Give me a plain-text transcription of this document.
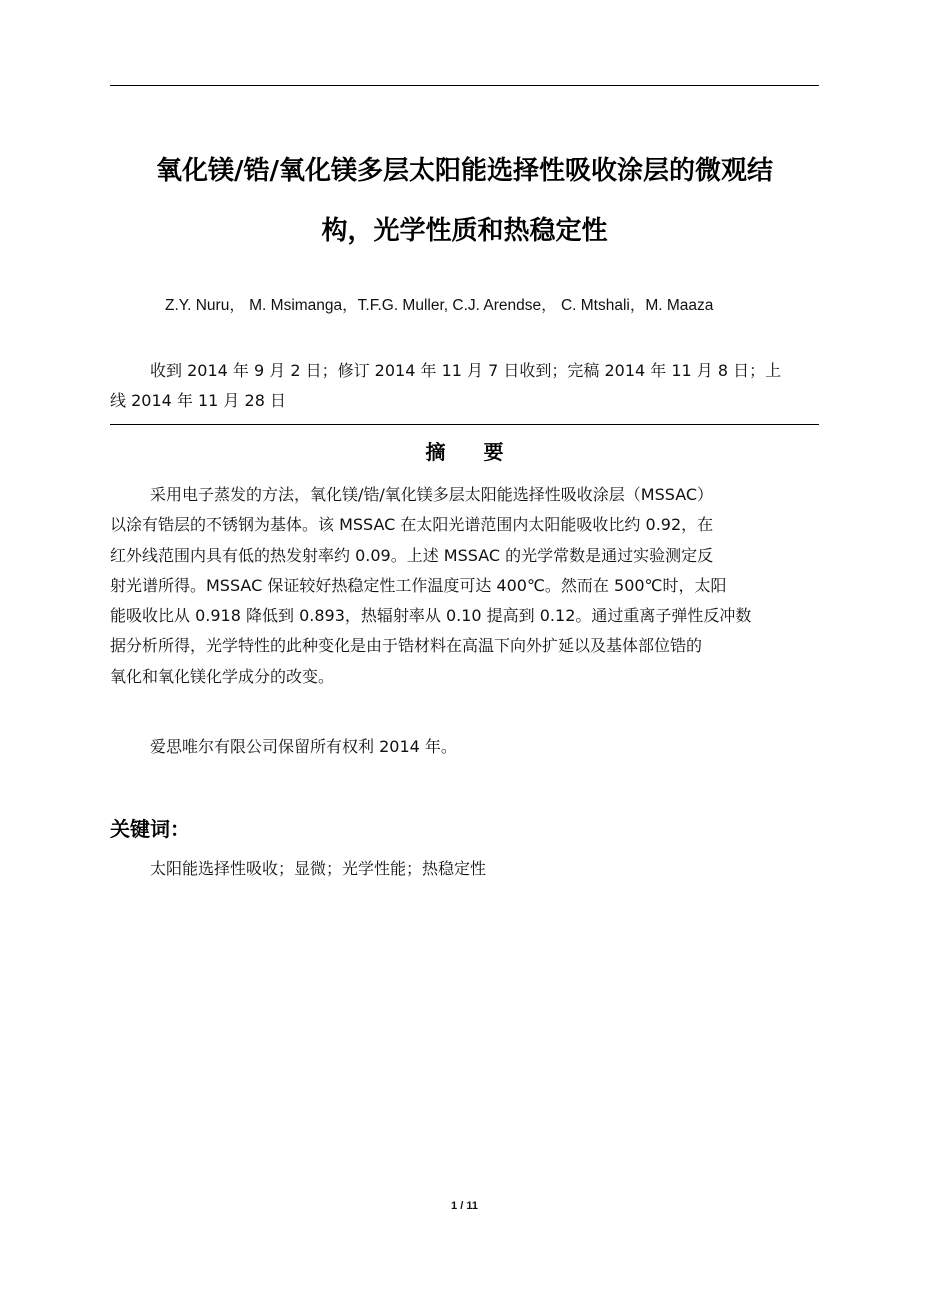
氧化镁/锆/氧化镁多层太阳能选择性吸收涂层的微观结
构，光学性质和热稳定性
Z.Y. Nuru， M. Msimanga，T.F.G. Muller, C.J. Arendse， C. Mtshali，M. Maaza
收到 2014 年 9 月 2 日；修订 2014 年 11 月 7 日收到；完稿 2014 年 11 月 8 日；上
线 2014 年 11 月 28 日
摘要
采用电子蒸发的方法，氧化镁/锆/氧化镁多层太阳能选择性吸收涂层（MSSAC）
以涂有锆层的不锈钢为基体。该 MSSAC 在太阳光谱范围内太阳能吸收比约 0.92，在
红外线范围内具有低的热发射率约 0.09。上述 MSSAC 的光学常数是通过实验测定反
射光谱所得。MSSAC 保证较好热稳定性工作温度可达 400℃。然而在 500℃时，太阳
能吸收比从 0.918 降低到 0.893，热辐射率从 0.10 提高到 0.12。通过重离子弹性反冲数
据分析所得，光学特性的此种变化是由于锆材料在高温下向外扩延以及基体部位锆的
氧化和氧化镁化学成分的改变。
爱思唯尔有限公司保留所有权利 2014 年。
关键词：
太阳能选择性吸收；显微；光学性能；热稳定性
1 / 11
